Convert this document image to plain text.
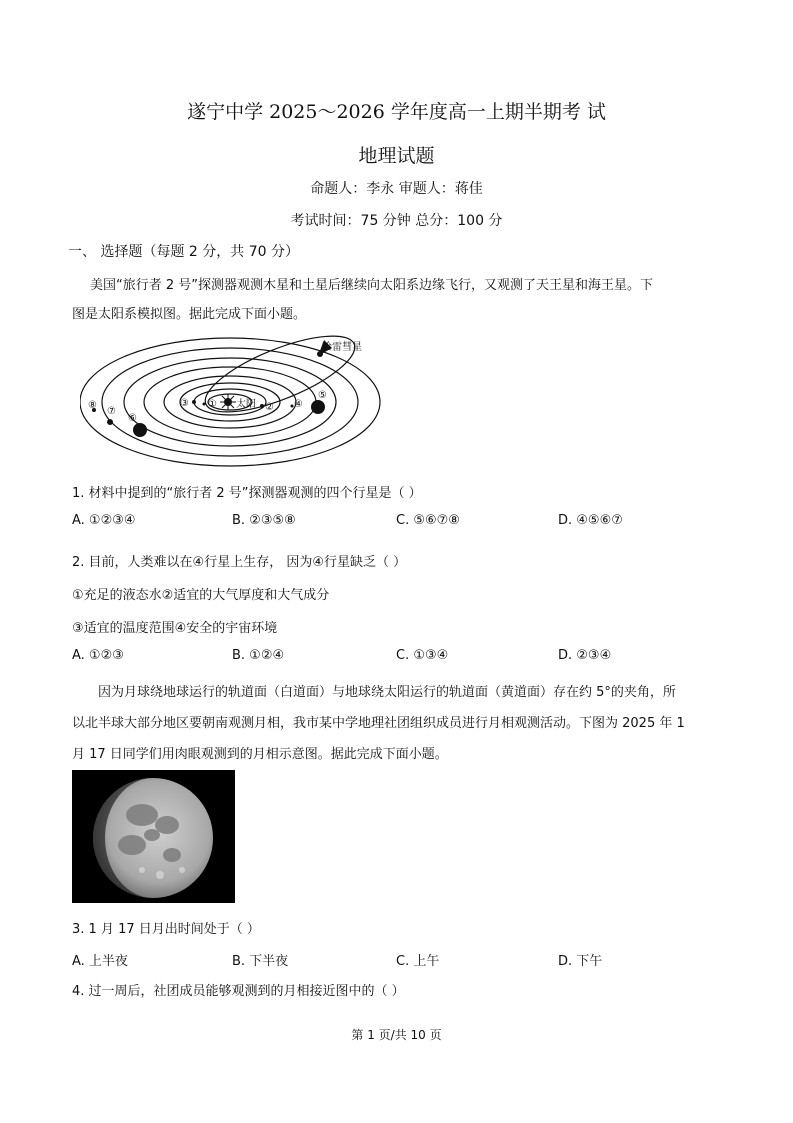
遂宁中学 2025～2026 学年度高一上期半期考 试
地理试题
命题人：李永 审题人：蒋佳
考试时间：75 分钟 总分：100 分
一、 选择题（每题 2 分，共 70 分）
美国“旅行者 2 号”探测器观测木星和土星后继续向太阳系边缘飞行，又观测了天王星和海王星。下
图是太阳系模拟图。据此完成下面小题。
太阳
哈雷彗星
①	②
③	④
⑤
⑥
⑦
⑧
1. 材料中提到的“旅行者 2 号”探测器观测的四个行星是（ ）
A. ①②③④	B. ②③⑤⑧	C. ⑤⑥⑦⑧	D. ④⑤⑥⑦
2. 目前，人类难以在④行星上生存， 因为④行星缺乏（ ）
①充足的液态水②适宜的大气厚度和大气成分
③适宜的温度范围④安全的宇宙环境
A. ①②③	B. ①②④	C. ①③④	D. ②③④
因为月球绕地球运行的轨道面（白道面）与地球绕太阳运行的轨道面（黄道面）存在约 5°的夹角，所
以北半球大部分地区要朝南观测月相，我市某中学地理社团组织成员进行月相观测活动。下图为 2025 年 1
月 17 日同学们用肉眼观测到的月相示意图。据此完成下面小题。
3. 1 月 17 日月出时间处于（ ）
A. 上半夜	B. 下半夜	C. 上午	D. 下午
4. 过一周后，社团成员能够观测到的月相接近图中的（ ）
第 1 页/共 10 页
